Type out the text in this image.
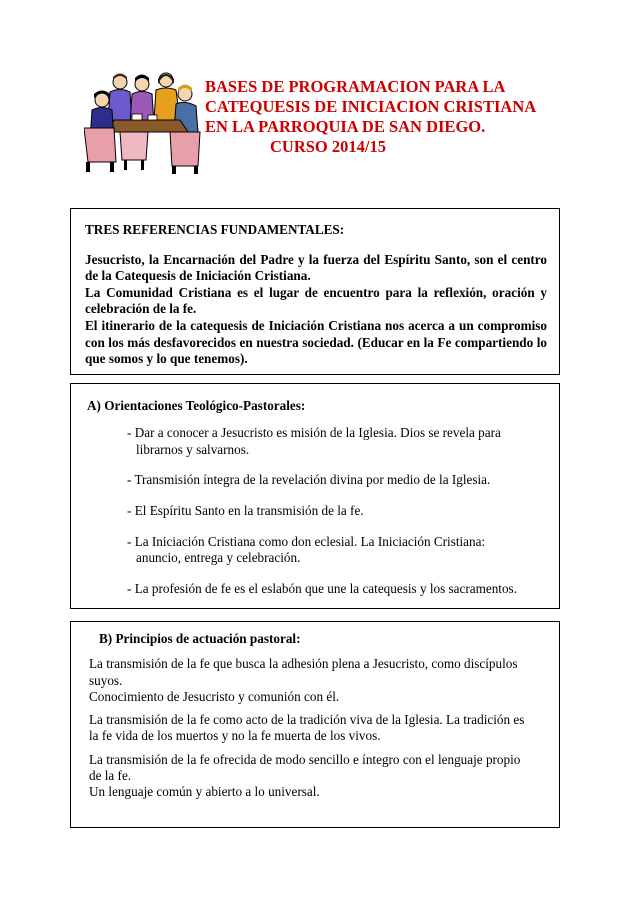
BASES DE PROGRAMACION PARA LA
CATEQUESIS DE INICIACION CRISTIANA
EN LA PARROQUIA DE SAN DIEGO.
CURSO 2014/15
TRES REFERENCIAS FUNDAMENTALES:

Jesucristo, la Encarnación del Padre y la fuerza del Espíritu Santo, son el centro de la Catequesis de Iniciación Cristiana.

La Comunidad Cristiana es el lugar de encuentro para la reflexión, oración y celebración de la fe.

El itinerario de la catequesis de Iniciación Cristiana nos acerca a un compromiso con los más desfavorecidos en nuestra sociedad. (Educar en la Fe compartiendo lo que somos y lo que tenemos).

A) Orientaciones Teológico-Pastorales:
- Dar a conocer a Jesucristo es misión de la Iglesia. Dios se revela para
librarnos y salvarnos.
- Transmisión íntegra de la revelación divina por medio de la Iglesia.
- El Espíritu Santo en la transmisión de la fe.
- La Iniciación Cristiana como don eclesial. La Iniciación Cristiana:
anuncio, entrega y celebración.
- La profesión de fe es el eslabón que une la catequesis y los sacramentos.
B) Principios de actuación pastoral:
La transmisión de la fe que busca la adhesión plena a Jesucristo, como discípulos
suyos.
Conocimiento de Jesucristo y comunión con él.
La transmisión de la fe como acto de la tradición viva de la Iglesia. La tradición es
la fe vida de los muertos y no la fe muerta de los vivos.
La transmisión de la fe ofrecida de modo sencillo e íntegro con el lenguaje propio
de la fe.
Un lenguaje común y abierto a lo universal.
